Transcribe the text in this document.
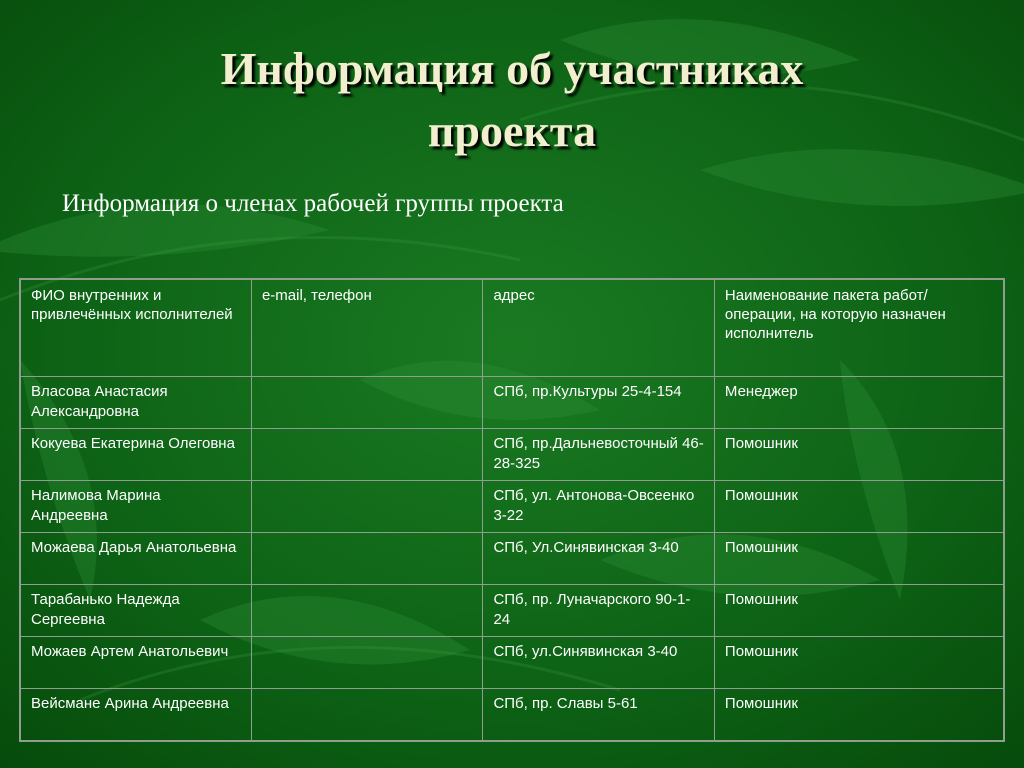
Информация об участниках
проекта

Информация о членах рабочей группы проекта

ФИО внутренних и привлечённых исполнителей	e-mail, телефон	адрес	Наименование пакета работ/операции, на которую назначен исполнитель
Власова Анастасия Александровна		СПб, пр.Культуры 25-4-154	Менеджер
Кокуева Екатерина Олеговна		СПб, пр.Дальневосточный 46-28-325	Помошник
Налимова Марина Андреевна		СПб, ул. Антонова-Овсеенко 3-22	Помошник
Можаева Дарья Анатольевна		СПб, Ул.Синявинская 3-40	Помошник
Тарабанько Надежда Сергеевна		СПб, пр. Луначарского 90-1-24	Помошник
Можаев Артем Анатольевич		СПб, ул.Синявинская 3-40	Помошник
Вейсмане Арина Андреевна		СПб, пр. Славы 5-61	Помошник
